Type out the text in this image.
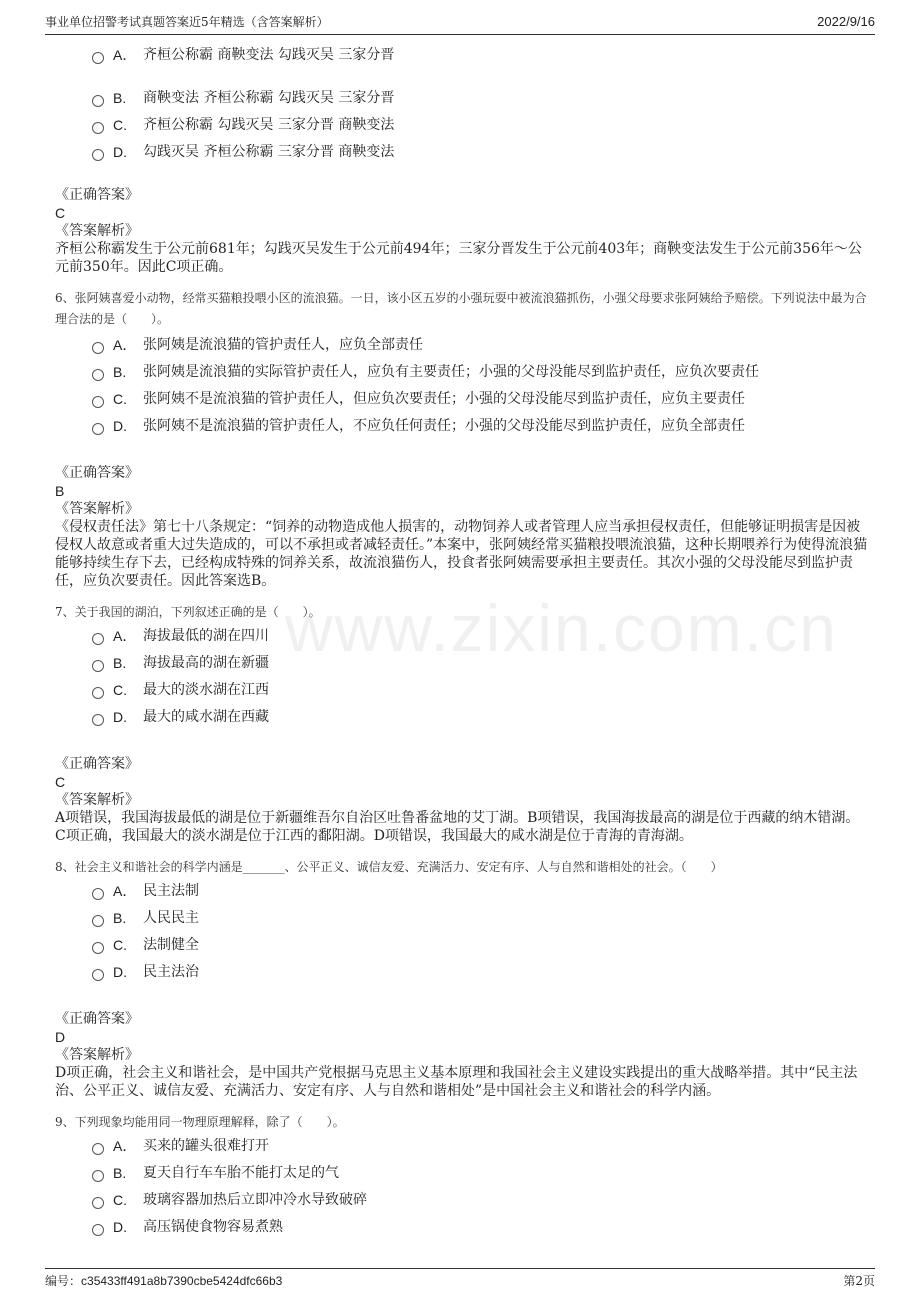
事业单位招警考试真题答案近5年精选（含答案解析）	2022/9/16
www.zixin.com.cn
A． 齐桓公称霸 商鞅变法 勾践灭吴 三家分晋
B. 商鞅变法 齐桓公称霸 勾践灭吴 三家分晋
C. 齐桓公称霸 勾践灭吴 三家分晋 商鞅变法
D. 勾践灭吴 齐桓公称霸 三家分晋 商鞅变法
《正确答案》
C
《答案解析》
齐桓公称霸发生于公元前681年；勾践灭吴发生于公元前494年；三家分晋发生于公元前403年；商鞅变法发生于公元前356年～公元前350年。因此C项正确。

6、张阿姨喜爱小动物，经常买猫粮投喂小区的流浪猫。一日，该小区五岁的小强玩耍中被流浪猫抓伤，小强父母要求张阿姨给予赔偿。下列说法中最为合理合法的是（　　）。

A． 张阿姨是流浪猫的管护责任人，应负全部责任
B. 张阿姨是流浪猫的实际管护责任人，应负有主要责任；小强的父母没能尽到监护责任，应负次要责任
C. 张阿姨不是流浪猫的管护责任人，但应负次要责任；小强的父母没能尽到监护责任，应负主要责任
D. 张阿姨不是流浪猫的管护责任人，不应负任何责任；小强的父母没能尽到监护责任，应负全部责任
《正确答案》
B
《答案解析》
《侵权责任法》第七十八条规定：“饲养的动物造成他人损害的，动物饲养人或者管理人应当承担侵权责任，但能够证明损害是因被侵权人故意或者重大过失造成的，可以不承担或者减轻责任。”本案中，张阿姨经常买猫粮投喂流浪猫，这种长期喂养行为使得流浪猫能够持续生存下去，已经构成特殊的饲养关系，故流浪猫伤人，投食者张阿姨需要承担主要责任。其次小强的父母没能尽到监护责任，应负次要责任。因此答案选B。

7、关于我国的湖泊，下列叙述正确的是（　　）。

A． 海拔最低的湖在四川
B. 海拔最高的湖在新疆
C. 最大的淡水湖在江西
D. 最大的咸水湖在西藏
《正确答案》
C
《答案解析》
A项错误，我国海拔最低的湖是位于新疆维吾尔自治区吐鲁番盆地的艾丁湖。B项错误，我国海拔最高的湖是位于西藏的纳木错湖。C项正确，我国最大的淡水湖是位于江西的鄱阳湖。D项错误，我国最大的咸水湖是位于青海的青海湖。

8、社会主义和谐社会的科学内涵是_______、公平正义、诚信友爱、充满活力、安定有序、人与自然和谐相处的社会。（　　）

A． 民主法制
B. 人民民主
C. 法制健全
D. 民主法治
《正确答案》
D
《答案解析》
D项正确，社会主义和谐社会，是中国共产党根据马克思主义基本原理和我国社会主义建设实践提出的重大战略举措。其中“民主法治、公平正义、诚信友爱、充满活力、安定有序、人与自然和谐相处”是中国社会主义和谐社会的科学内涵。

9、下列现象均能用同一物理原理解释，除了（　　）。

A． 买来的罐头很难打开
B. 夏天自行车车胎不能打太足的气
C. 玻璃容器加热后立即冲冷水导致破碎
D. 高压锅使食物容易煮熟
编号：c35433ff491a8b7390cbe5424dfc66b3	第2页
